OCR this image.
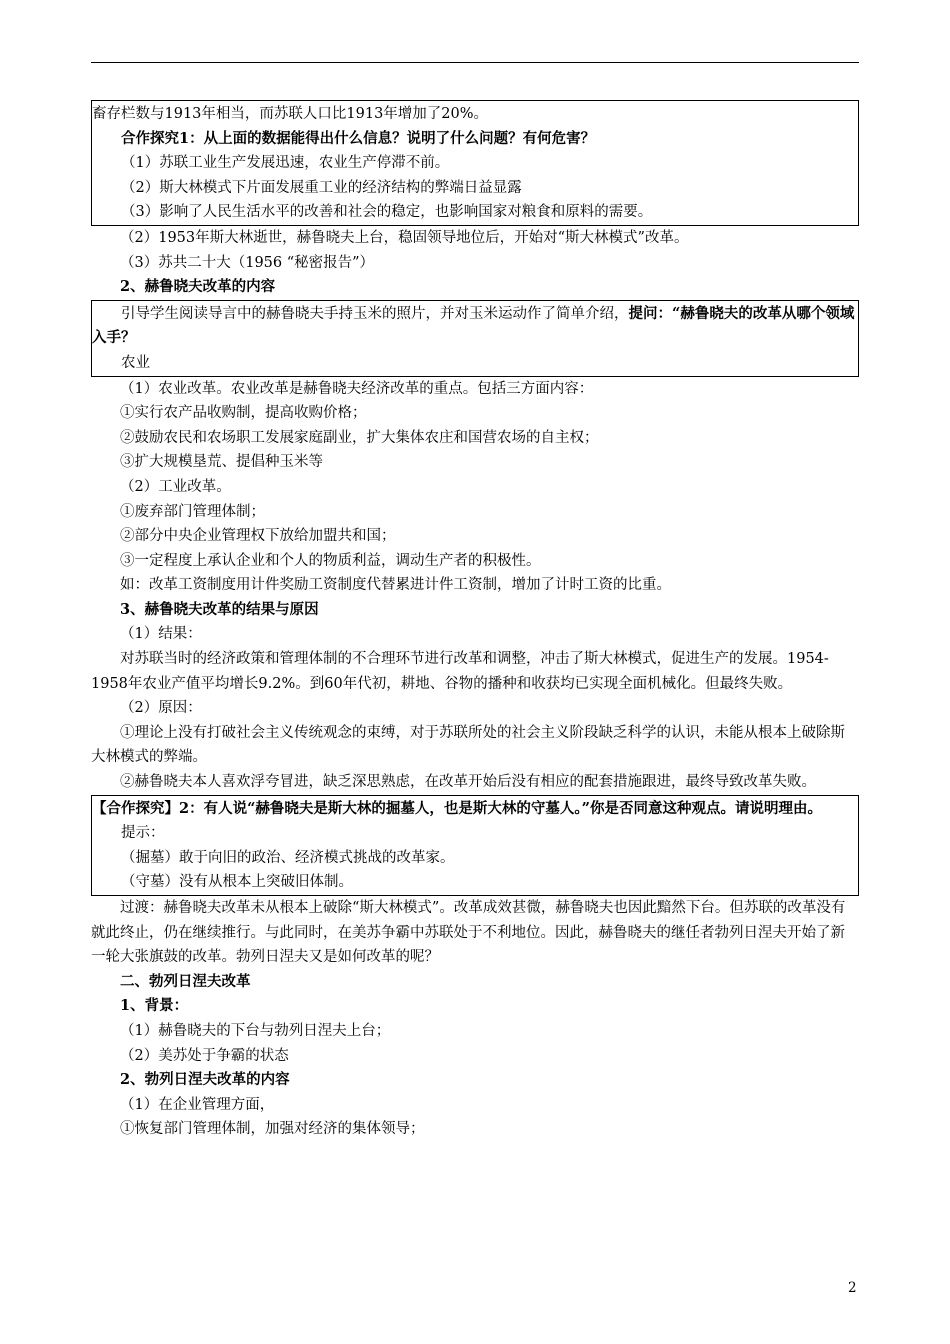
畜存栏数与1913年相当，而苏联人口比1913年增加了20%。
合作探究1：从上面的数据能得出什么信息？说明了什么问题？有何危害？
（1）苏联工业生产发展迅速，农业生产停滞不前。
（2）斯大林模式下片面发展重工业的经济结构的弊端日益显露
（3）影响了人民生活水平的改善和社会的稳定，也影响国家对粮食和原料的需要。
（2）1953年斯大林逝世，赫鲁晓夫上台，稳固领导地位后，开始对“斯大林模式”改革。
（3）苏共二十大（1956 “秘密报告”）
2、赫鲁晓夫改革的内容
引导学生阅读导言中的赫鲁晓夫手持玉米的照片，并对玉米运动作了简单介绍，提问：“赫鲁晓夫的改革从哪个领域入手？
农业
（1）农业改革。农业改革是赫鲁晓夫经济改革的重点。包括三方面内容：
①实行农产品收购制，提高收购价格；
②鼓励农民和农场职工发展家庭副业，扩大集体农庄和国营农场的自主权；
③扩大规模垦荒、提倡种玉米等
（2）工业改革。
①废弃部门管理体制；
②部分中央企业管理权下放给加盟共和国；
③一定程度上承认企业和个人的物质利益，调动生产者的积极性。
如：改革工资制度用计件奖励工资制度代替累进计件工资制，增加了计时工资的比重。
3、赫鲁晓夫改革的结果与原因
（1）结果：
对苏联当时的经济政策和管理体制的不合理环节进行改革和调整，冲击了斯大林模式，促进生产的发展。1954-1958年农业产值平均增长9.2%。到60年代初，耕地、谷物的播种和收获均已实现全面机械化。但最终失败。
（2）原因：
①理论上没有打破社会主义传统观念的束缚，对于苏联所处的社会主义阶段缺乏科学的认识，未能从根本上破除斯大林模式的弊端。
②赫鲁晓夫本人喜欢浮夸冒进，缺乏深思熟虑，在改革开始后没有相应的配套措施跟进，最终导致改革失败。
【合作探究】2：有人说“赫鲁晓夫是斯大林的掘墓人，也是斯大林的守墓人。”你是否同意这种观点。请说明理由。
提示：
（掘墓）敢于向旧的政治、经济模式挑战的改革家。
（守墓）没有从根本上突破旧体制。
过渡：赫鲁晓夫改革未从根本上破除“斯大林模式”。改革成效甚微，赫鲁晓夫也因此黯然下台。但苏联的改革没有就此终止，仍在继续推行。与此同时，在美苏争霸中苏联处于不利地位。因此，赫鲁晓夫的继任者勃列日涅夫开始了新一轮大张旗鼓的改革。勃列日涅夫又是如何改革的呢？
二、勃列日涅夫改革
1、背景：
（1）赫鲁晓夫的下台与勃列日涅夫上台；
（2）美苏处于争霸的状态
2、勃列日涅夫改革的内容
（1）在企业管理方面，
①恢复部门管理体制，加强对经济的集体领导；
2
